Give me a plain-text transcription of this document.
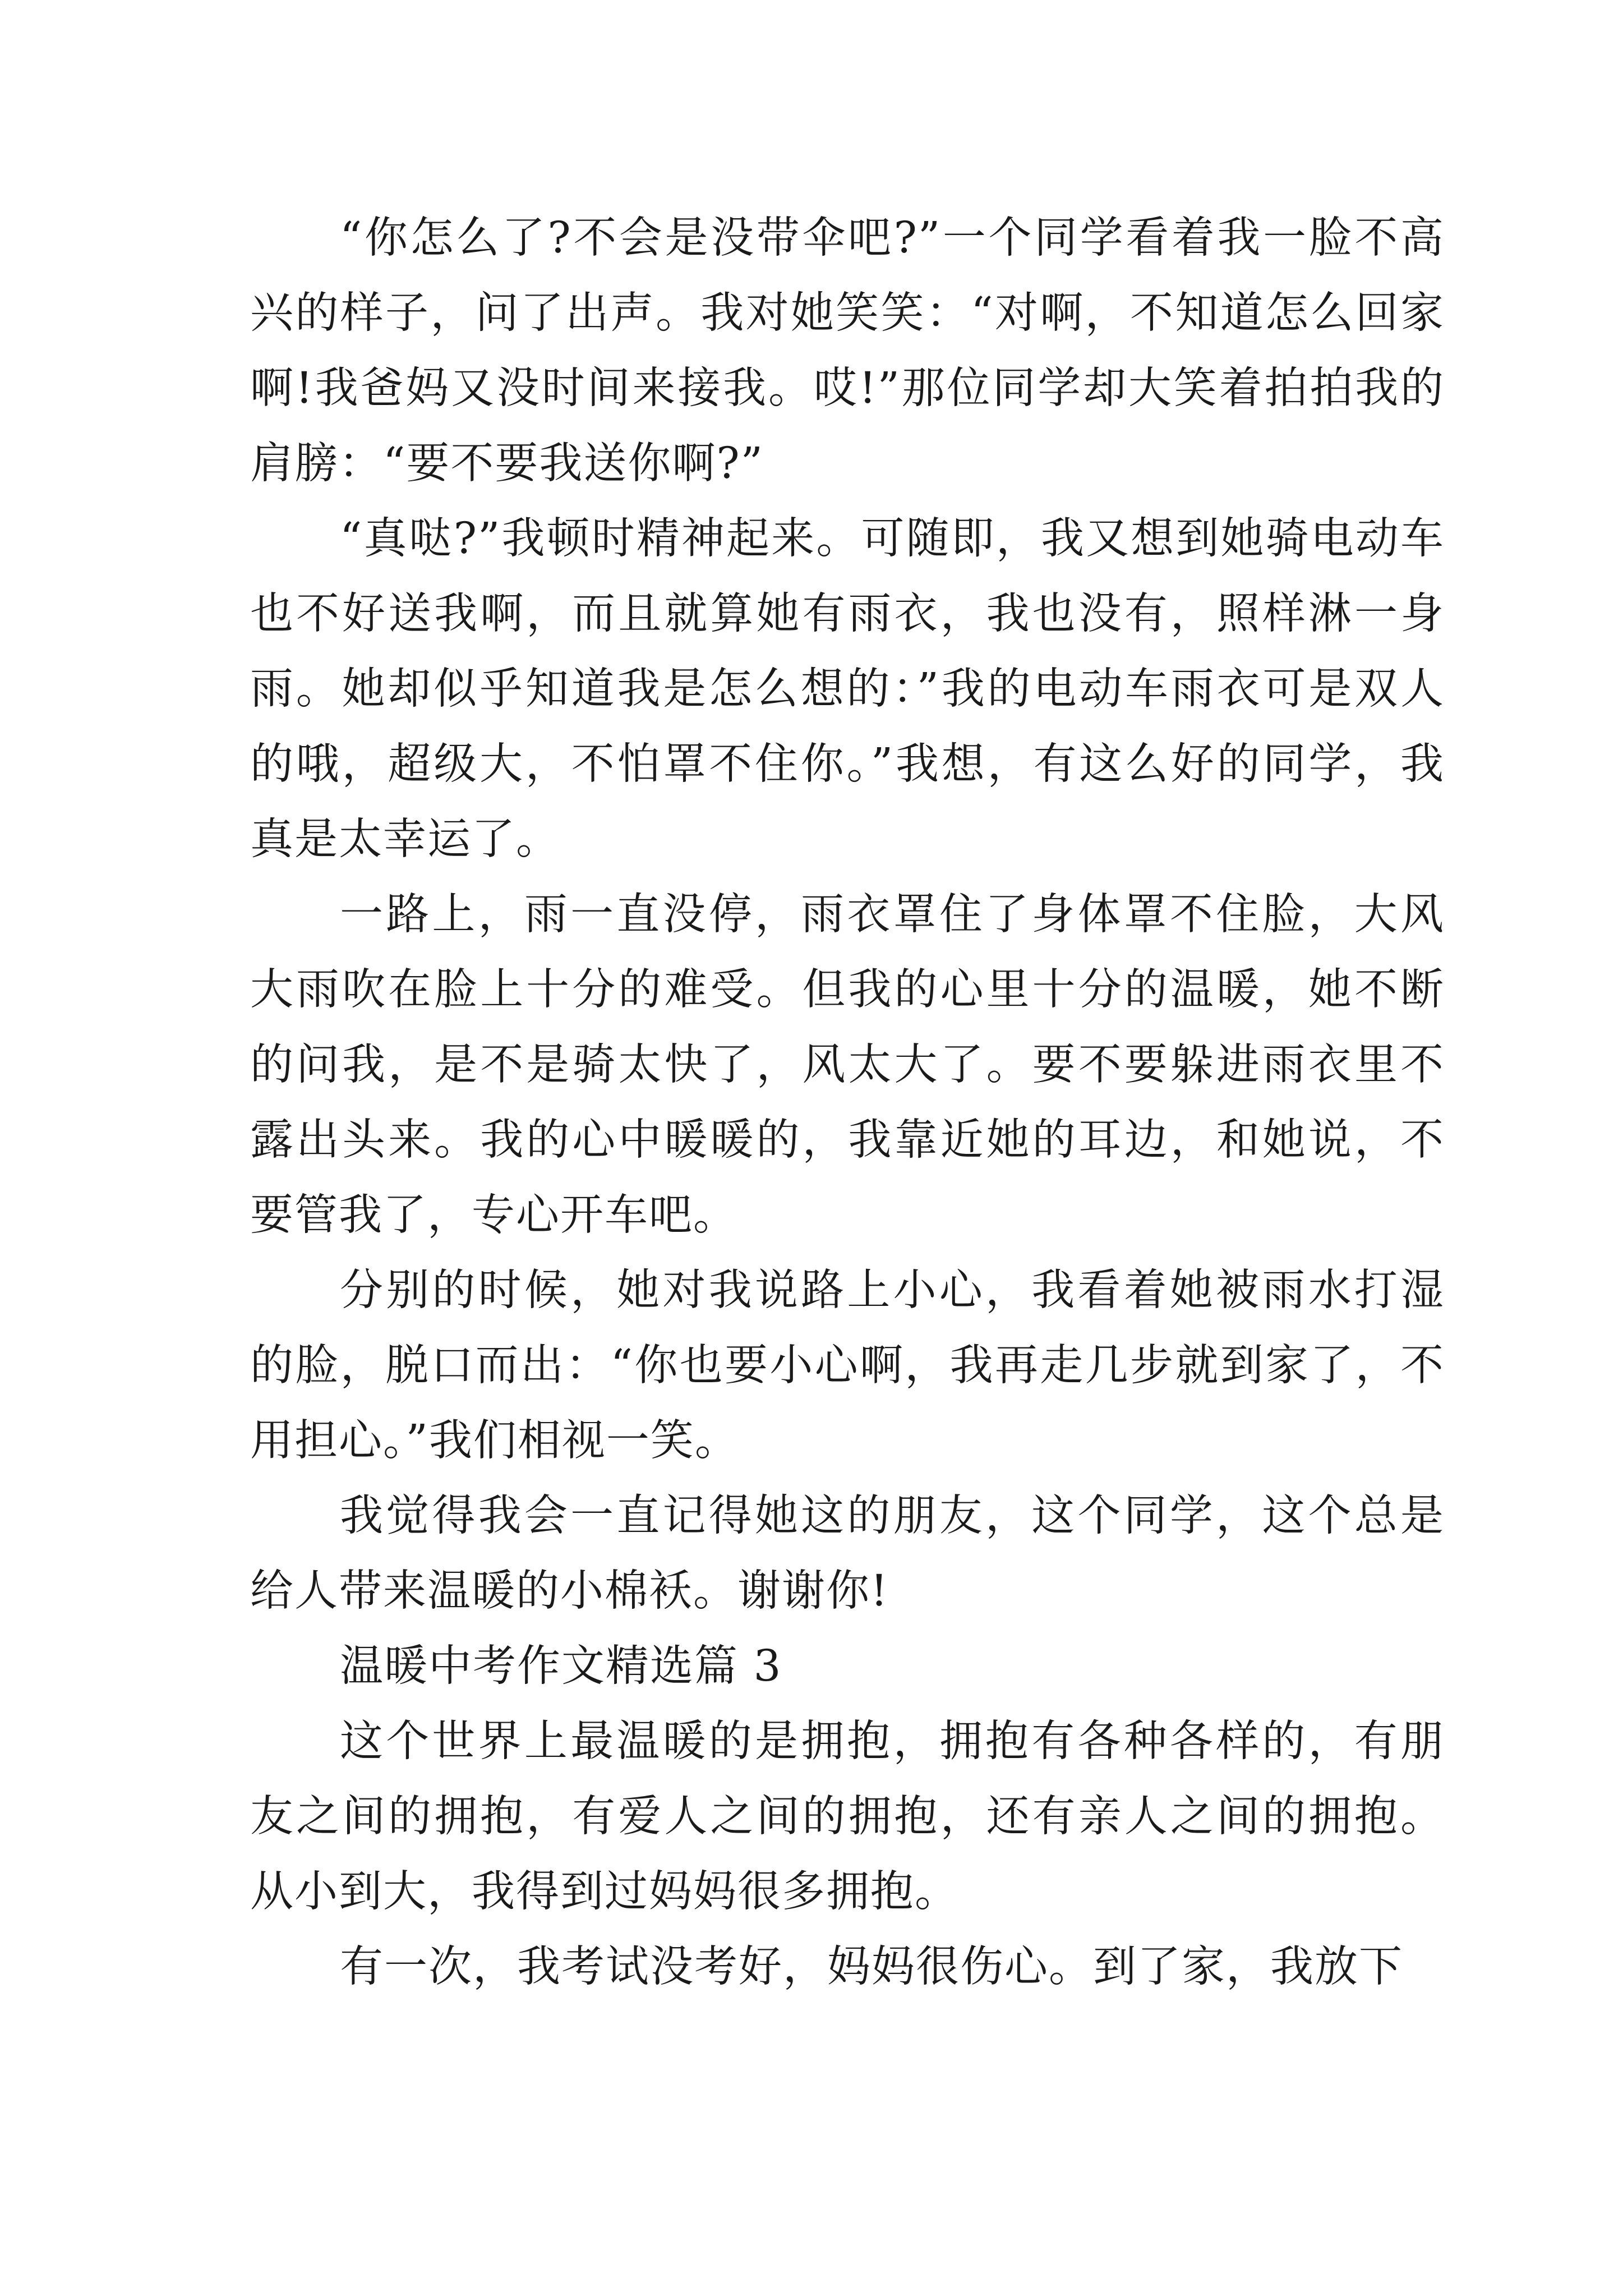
“你怎么了?不会是没带伞吧?”一个同学看着我一脸不高兴的样子，问了出声。我对她笑笑：“对啊，不知道怎么回家啊!我爸妈又没时间来接我。哎!”那位同学却大笑着拍拍我的肩膀：“要不要我送你啊?”

“真哒?”我顿时精神起来。可随即，我又想到她骑电动车也不好送我啊，而且就算她有雨衣，我也没有，照样淋一身雨。她却似乎知道我是怎么想的：”我的电动车雨衣可是双人的哦，超级大，不怕罩不住你。”我想，有这么好的同学，我真是太幸运了。

一路上，雨一直没停，雨衣罩住了身体罩不住脸，大风大雨吹在脸上十分的难受。但我的心里十分的温暖，她不断的问我，是不是骑太快了，风太大了。要不要躲进雨衣里不露出头来。我的心中暖暖的，我靠近她的耳边，和她说，不要管我了，专心开车吧。

分别的时候，她对我说路上小心，我看着她被雨水打湿的脸，脱口而出：“你也要小心啊，我再走几步就到家了，不用担心。”我们相视一笑。

我觉得我会一直记得她这的朋友，这个同学，这个总是给人带来温暖的小棉袄。谢谢你!

温暖中考作文精选篇 3

这个世界上最温暖的是拥抱，拥抱有各种各样的，有朋友之间的拥抱，有爱人之间的拥抱，还有亲人之间的拥抱。从小到大，我得到过妈妈很多拥抱。

有一次，我考试没考好，妈妈很伤心。到了家，我放下
